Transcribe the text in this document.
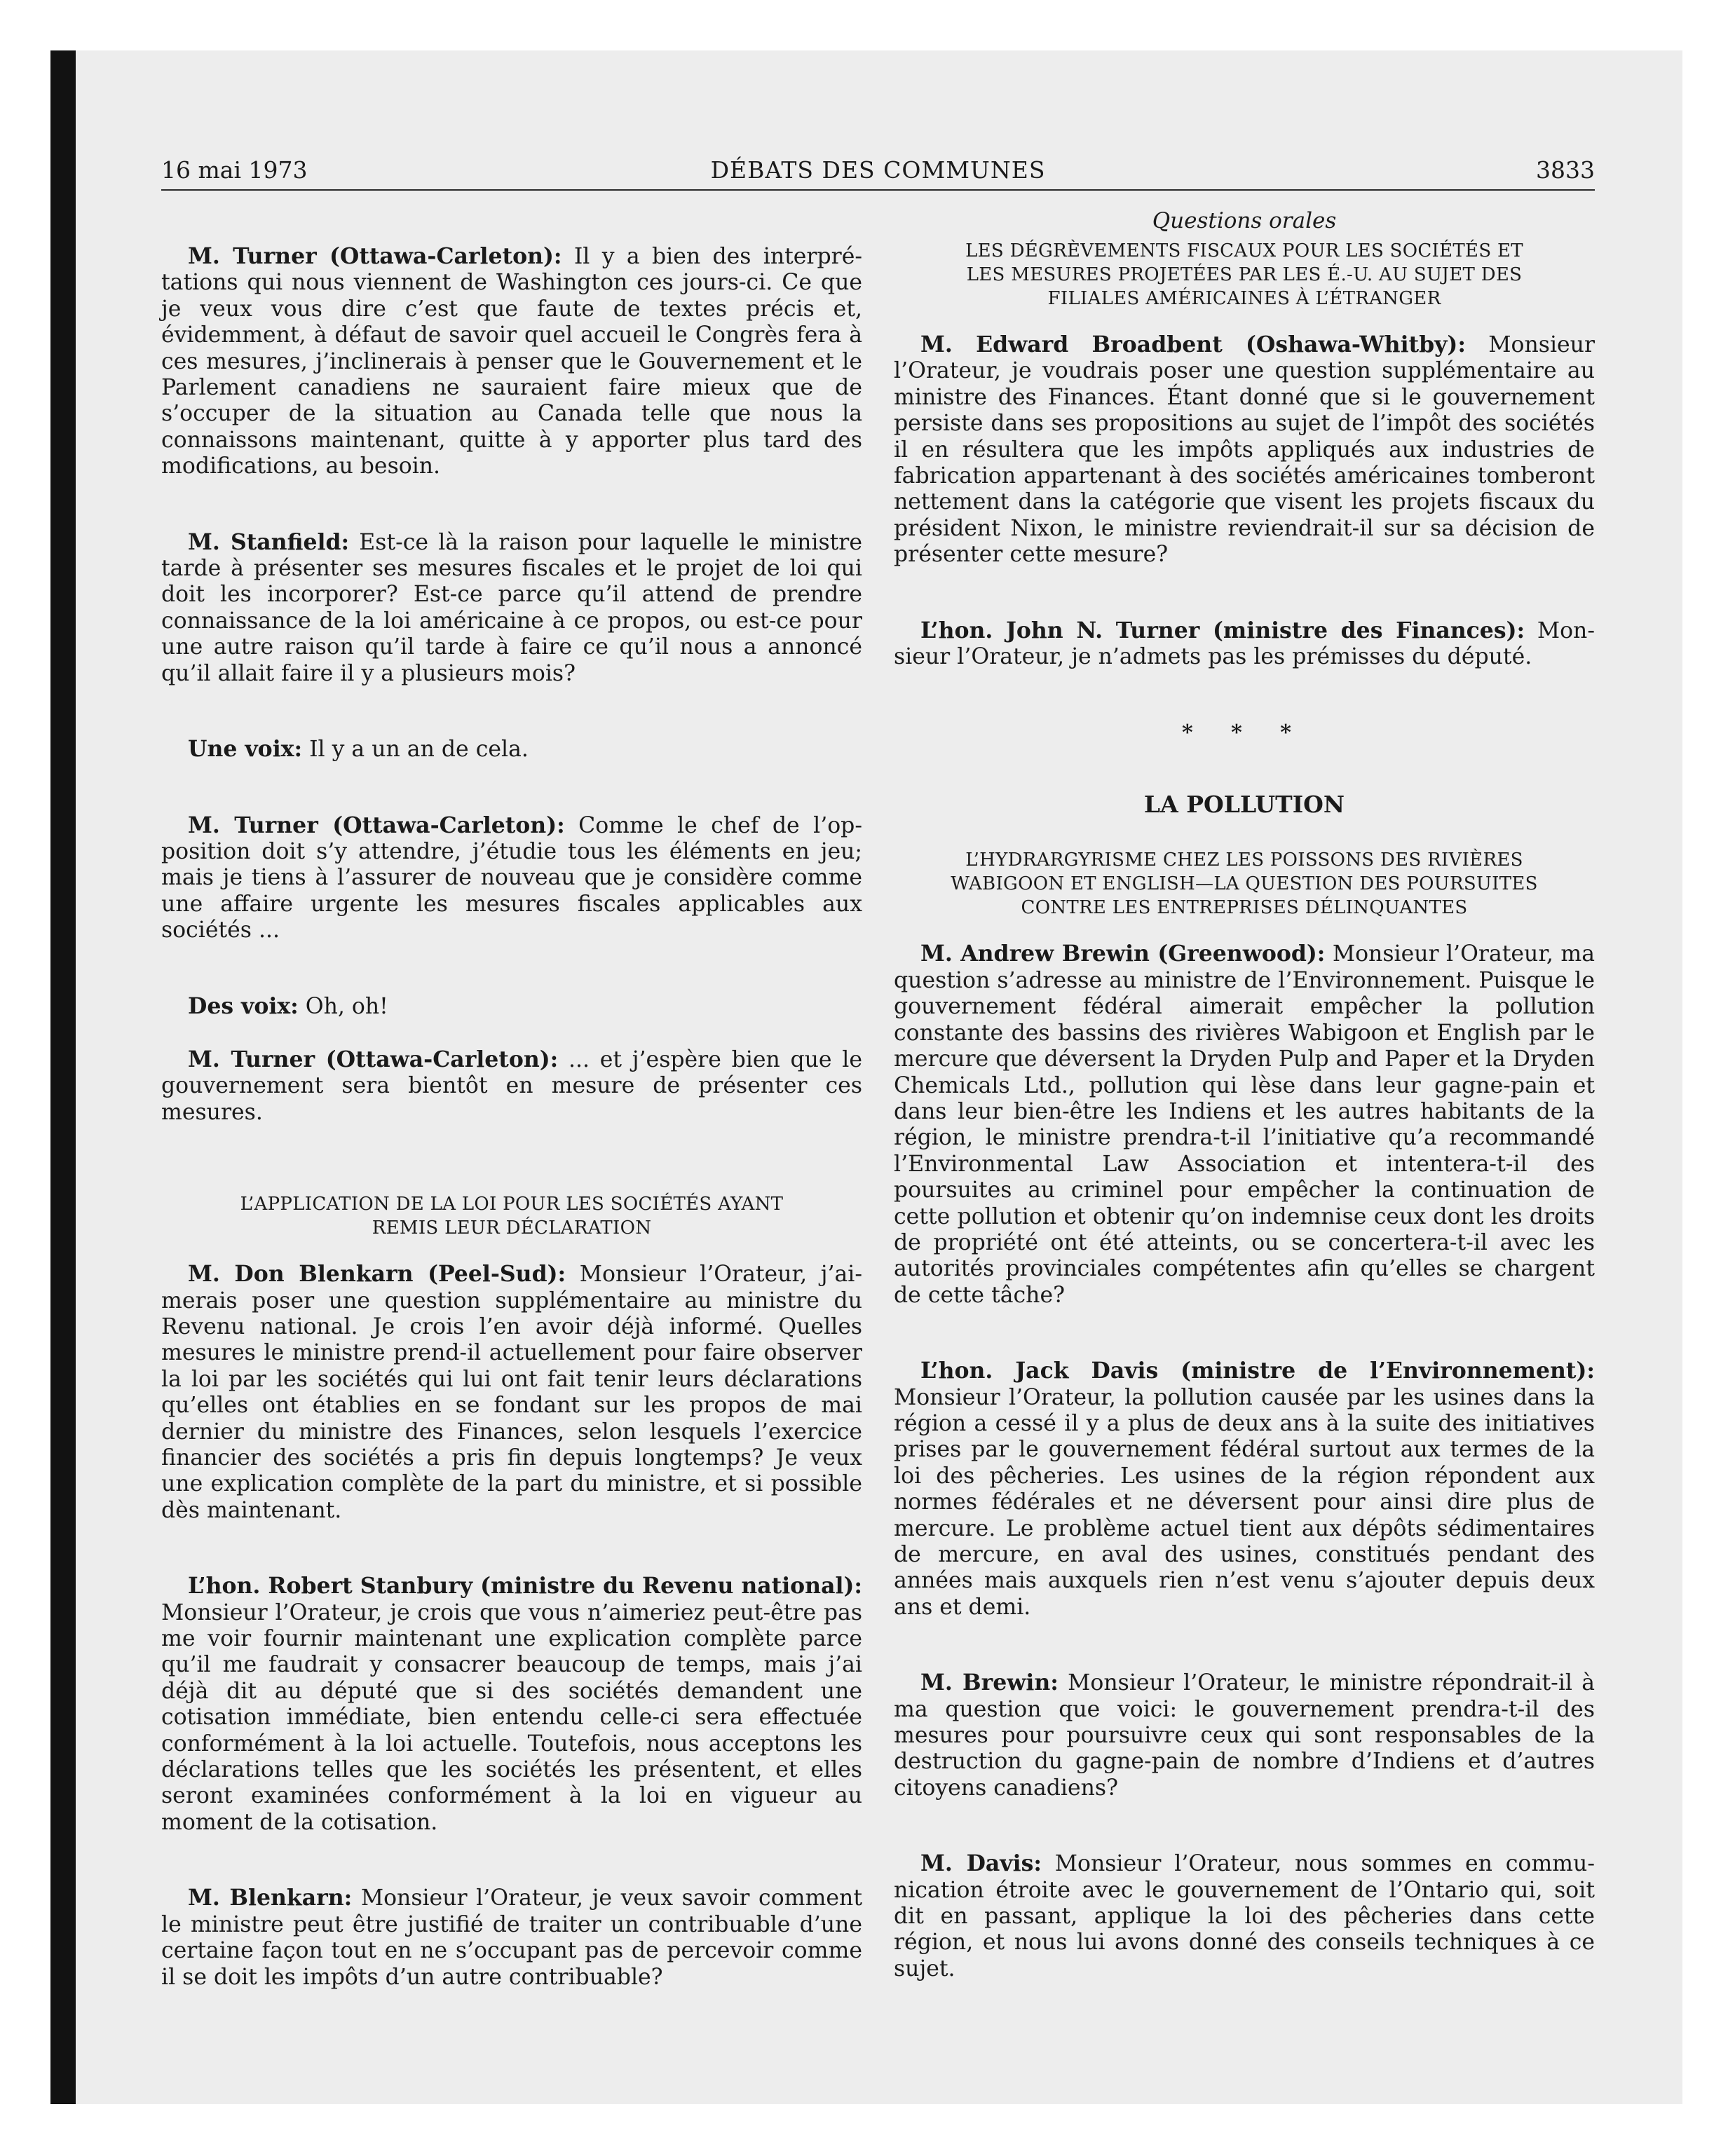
16 mai 1973	DÉBATS DES COMMUNES	3833

M. Turner (Ottawa-Carleton): Il y a bien des interprétations qui nous viennent de Washington ces jours-ci. Ce que je veux vous dire c’est que faute de textes précis et, évidemment, à défaut de savoir quel accueil le Congrès fera à ces mesures, j’inclinerais à penser que le Gouvernement et le Parlement canadiens ne sauraient faire mieux que de s’occuper de la situation au Canada telle que nous la connaissons maintenant, quitte à y apporter plus tard des modifications, au besoin.

M. Stanfield: Est-ce là la raison pour laquelle le ministre tarde à présenter ses mesures fiscales et le projet de loi qui doit les incorporer? Est-ce parce qu’il attend de prendre connaissance de la loi américaine à ce propos, ou est-ce pour une autre raison qu’il tarde à faire ce qu’il nous a annoncé qu’il allait faire il y a plusieurs mois?

Une voix: Il y a un an de cela.

M. Turner (Ottawa-Carleton): Comme le chef de l’opposition doit s’y attendre, j’étudie tous les éléments en jeu; mais je tiens à l’assurer de nouveau que je considère comme une affaire urgente les mesures fiscales applicables aux sociétés ...

Des voix: Oh, oh!

M. Turner (Ottawa-Carleton): ... et j’espère bien que le gouvernement sera bientôt en mesure de présenter ces mesures.

L’APPLICATION DE LA LOI POUR LES SOCIÉTÉS AYANT
REMIS LEUR DÉCLARATION

M. Don Blenkarn (Peel-Sud): Monsieur l’Orateur, j’aimerais poser une question supplémentaire au ministre du Revenu national. Je crois l’en avoir déjà informé. Quelles mesures le ministre prend-il actuellement pour faire observer la loi par les sociétés qui lui ont fait tenir leurs déclarations qu’elles ont établies en se fondant sur les propos de mai dernier du ministre des Finances, selon lesquels l’exercice financier des sociétés a pris fin depuis longtemps? Je veux une explication complète de la part du ministre, et si possible dès maintenant.

L’hon. Robert Stanbury (ministre du Revenu national): Monsieur l’Orateur, je crois que vous n’aimeriez peut-être pas me voir fournir maintenant une explication complète parce qu’il me faudrait y consacrer beaucoup de temps, mais j’ai déjà dit au député que si des sociétés demandent une cotisation immédiate, bien entendu celle-ci sera effectuée conformément à la loi actuelle. Toutefois, nous acceptons les déclarations telles que les sociétés les présentent, et elles seront examinées conformément à la loi en vigueur au moment de la cotisation.

M. Blenkarn: Monsieur l’Orateur, je veux savoir comment le ministre peut être justifié de traiter un contribuable d’une certaine façon tout en ne s’occupant pas de percevoir comme il se doit les impôts d’un autre contribuable?

Questions orales
LES DÉGRÈVEMENTS FISCAUX POUR LES SOCIÉTÉS ET
LES MESURES PROJETÉES PAR LES É.-U. AU SUJET DES
FILIALES AMÉRICAINES À L’ÉTRANGER

M. Edward Broadbent (Oshawa-Whitby): Monsieur l’Orateur, je voudrais poser une question supplémentaire au ministre des Finances. Étant donné que si le gouvernement persiste dans ses propositions au sujet de l’impôt des sociétés il en résultera que les impôts appliqués aux industries de fabrication appartenant à des sociétés américaines tomberont nettement dans la catégorie que visent les projets fiscaux du président Nixon, le ministre reviendrait-il sur sa décision de présenter cette mesure?

L’hon. John N. Turner (ministre des Finances): Monsieur l’Orateur, je n’admets pas les prémisses du député.

* * *
LA POLLUTION
L’HYDRARGYRISME CHEZ LES POISSONS DES RIVIÈRES
WABIGOON ET ENGLISH—LA QUESTION DES POURSUITES
CONTRE LES ENTREPRISES DÉLINQUANTES

M. Andrew Brewin (Greenwood): Monsieur l’Orateur, ma question s’adresse au ministre de l’Environnement. Puisque le gouvernement fédéral aimerait empêcher la pollution constante des bassins des rivières Wabigoon et English par le mercure que déversent la Dryden Pulp and Paper et la Dryden Chemicals Ltd., pollution qui lèse dans leur gagne-pain et dans leur bien-être les Indiens et les autres habitants de la région, le ministre prendra-t-il l’initiative qu’a recommandé l’Environmental Law Association et intentera-t-il des poursuites au criminel pour empêcher la continuation de cette pollution et obtenir qu’on indemnise ceux dont les droits de propriété ont été atteints, ou se concertera-t-il avec les autorités provinciales compétentes afin qu’elles se chargent de cette tâche?

L’hon. Jack Davis (ministre de l’Environnement): Monsieur l’Orateur, la pollution causée par les usines dans la région a cessé il y a plus de deux ans à la suite des initiatives prises par le gouvernement fédéral surtout aux termes de la loi des pêcheries. Les usines de la région répondent aux normes fédérales et ne déversent pour ainsi dire plus de mercure. Le problème actuel tient aux dépôts sédimentaires de mercure, en aval des usines, constitués pendant des années mais auxquels rien n’est venu s’ajouter depuis deux ans et demi.

M. Brewin: Monsieur l’Orateur, le ministre répondrait-il à ma question que voici: le gouvernement prendra-t-il des mesures pour poursuivre ceux qui sont responsables de la destruction du gagne-pain de nombre d’Indiens et d’autres citoyens canadiens?

M. Davis: Monsieur l’Orateur, nous sommes en communication étroite avec le gouvernement de l’Ontario qui, soit dit en passant, applique la loi des pêcheries dans cette région, et nous lui avons donné des conseils techniques à ce sujet.
